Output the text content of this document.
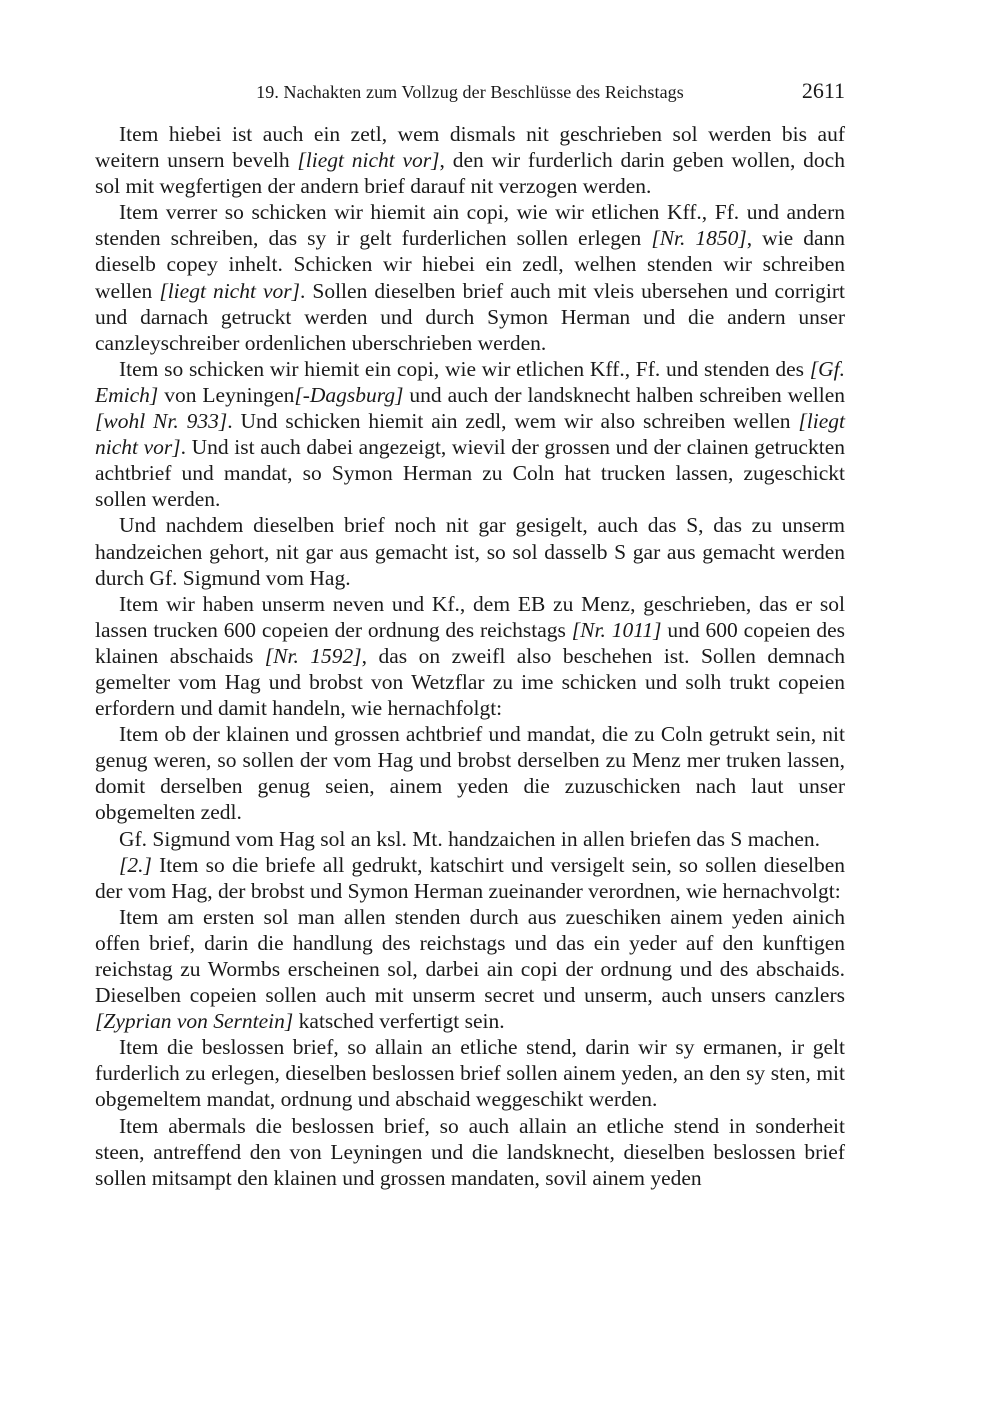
19. Nachakten zum Vollzug der Beschlüsse des Reichstags	2611

Item hiebei ist auch ein zetl, wem dismals nit geschrieben sol werden bis auf weitern unsern bevelh [liegt nicht vor], den wir furderlich darin geben wollen, doch sol mit wegfertigen der andern brief darauf nit verzogen werden.

Item verrer so schicken wir hiemit ain copi, wie wir etlichen Kff., Ff. und andern stenden schreiben, das sy ir gelt furderlichen sollen erlegen [Nr. 1850], wie dann dieselb copey inhelt. Schicken wir hiebei ein zedl, welhen stenden wir schreiben wellen [liegt nicht vor]. Sollen dieselben brief auch mit vleis ubersehen und corrigirt und darnach getruckt werden und durch Symon Herman und die andern unser canzleyschreiber ordenlichen uberschrieben werden.

Item so schicken wir hiemit ein copi, wie wir etlichen Kff., Ff. und stenden des [Gf. Emich] von Leyningen[-Dagsburg] und auch der landsknecht halben schreiben wellen [wohl Nr. 933]. Und schicken hiemit ain zedl, wem wir also schreiben wellen [liegt nicht vor]. Und ist auch dabei angezeigt, wievil der grossen und der clainen getruckten achtbrief und mandat, so Symon Herman zu Coln hat trucken lassen, zugeschickt sollen werden.

Und nachdem dieselben brief noch nit gar gesigelt, auch das S, das zu unserm handzeichen gehort, nit gar aus gemacht ist, so sol dasselb S gar aus gemacht werden durch Gf. Sigmund vom Hag.

Item wir haben unserm neven und Kf., dem EB zu Menz, geschrieben, das er sol lassen trucken 600 copeien der ordnung des reichstags [Nr. 1011] und 600 copeien des klainen abschaids [Nr. 1592], das on zweifl also beschehen ist. Sollen demnach gemelter vom Hag und brobst von Wetzflar zu ime schicken und solh trukt copeien erfordern und damit handeln, wie hernachfolgt:

Item ob der klainen und grossen achtbrief und mandat, die zu Coln getrukt sein, nit genug weren, so sollen der vom Hag und brobst derselben zu Menz mer truken lassen, domit derselben genug seien, ainem yeden die zuzuschicken nach laut unser obgemelten zedl.

Gf. Sigmund vom Hag sol an ksl. Mt. handzaichen in allen briefen das S machen.

[2.] Item so die briefe all gedrukt, katschirt und versigelt sein, so sollen dieselben der vom Hag, der brobst und Symon Herman zueinander verordnen, wie hernachvolgt:

Item am ersten sol man allen stenden durch aus zueschiken ainem yeden ainich offen brief, darin die handlung des reichstags und das ein yeder auf den kunftigen reichstag zu Wormbs erscheinen sol, darbei ain copi der ordnung und des abschaids. Dieselben copeien sollen auch mit unserm secret und unserm, auch unsers canzlers [Zyprian von Serntein] katsched verfertigt sein.

Item die beslossen brief, so allain an etliche stend, darin wir sy ermanen, ir gelt furderlich zu erlegen, dieselben beslossen brief sollen ainem yeden, an den sy sten, mit obgemeltem mandat, ordnung und abschaid weggeschikt werden.

Item abermals die beslossen brief, so auch allain an etliche stend in sonderheit steen, antreffend den von Leyningen und die landsknecht, dieselben beslossen brief sollen mitsampt den klainen und grossen mandaten, sovil ainem yeden
